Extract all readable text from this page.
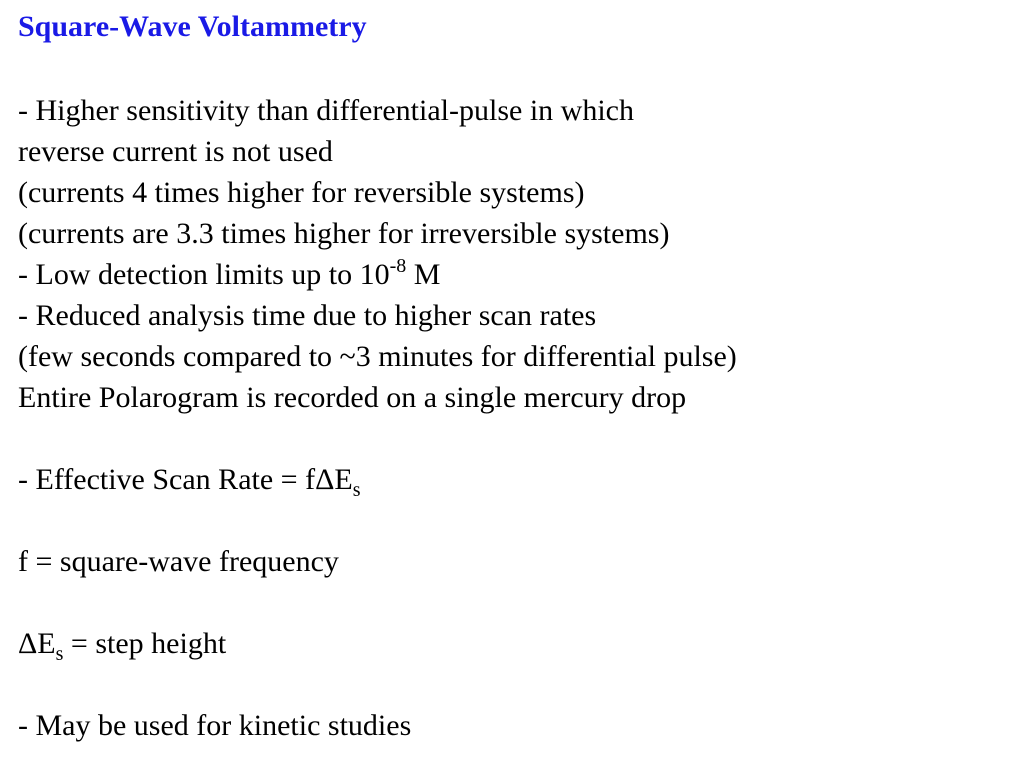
Square-Wave Voltammetry
- Higher sensitivity than differential-pulse in which
reverse current is not used
(currents 4 times higher for reversible systems)
(currents are 3.3 times higher for irreversible systems)
- Low detection limits up to $10^{-8}$ M
- Reduced analysis time due to higher scan rates
(few seconds compared to ~3 minutes for differential pulse)
Entire Polarogram is recorded on a single mercury drop
- Effective Scan Rate = fΔE$_s$
f = square-wave frequency
$\Delta E_s$ = step height
- May be used for kinetic studies
